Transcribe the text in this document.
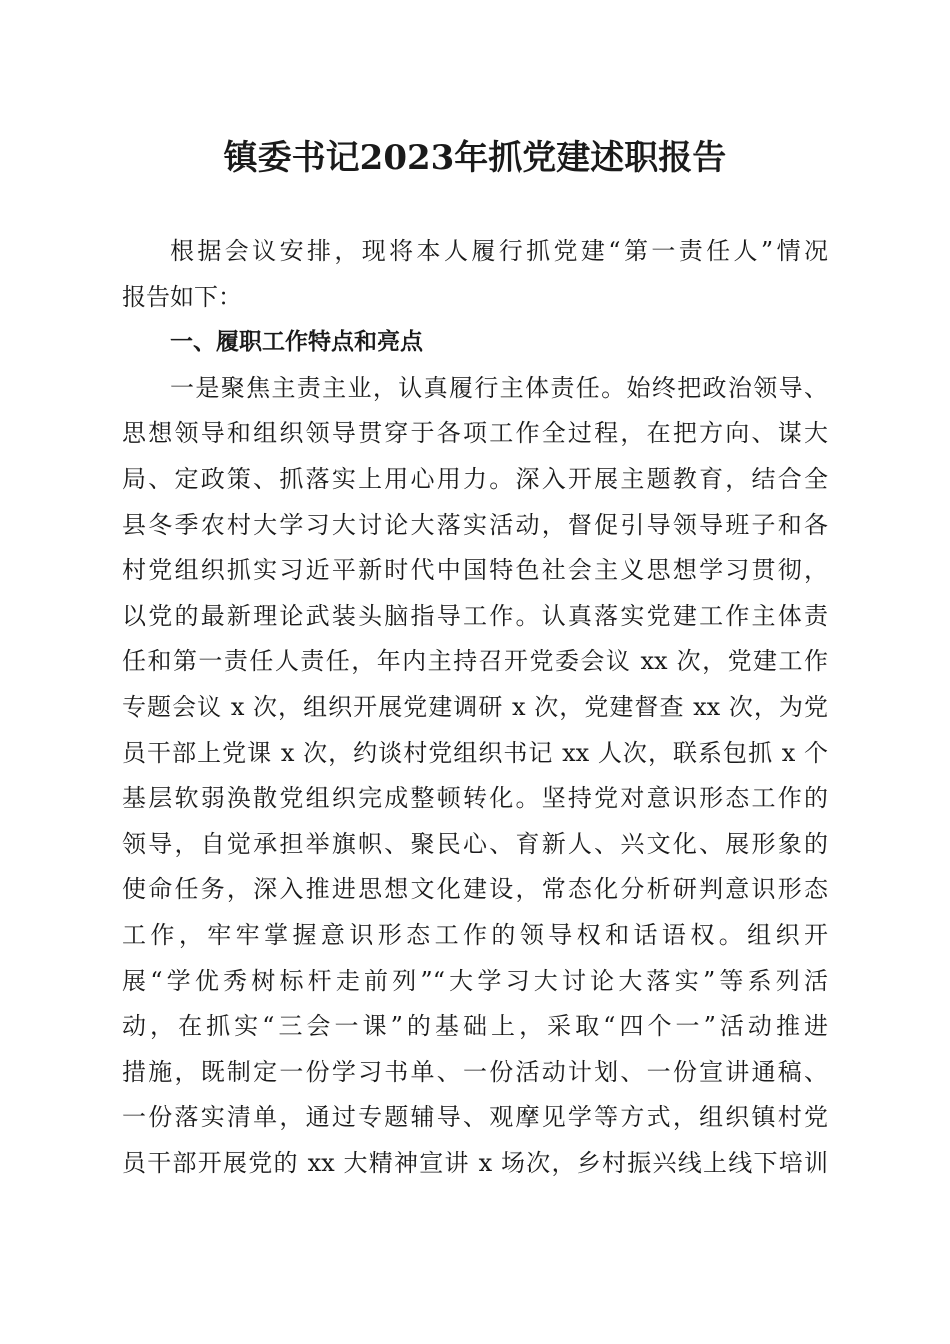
镇委书记2023年抓党建述职报告
根据会议安排，现将本人履行抓党建“第一责任人”情况
报告如下：
一、履职工作特点和亮点
一是聚焦主责主业，认真履行主体责任。始终把政治领导、
思想领导和组织领导贯穿于各项工作全过程，在把方向、谋大
局、定政策、抓落实上用心用力。深入开展主题教育，结合全
县冬季农村大学习大讨论大落实活动，督促引导领导班子和各
村党组织抓实习近平新时代中国特色社会主义思想学习贯彻，
以党的最新理论武装头脑指导工作。认真落实党建工作主体责
任和第一责任人责任，年内主持召开党委会议 xx 次，党建工作
专题会议 x 次，组织开展党建调研 x 次，党建督查 xx 次，为党
员干部上党课 x 次，约谈村党组织书记 xx 人次，联系包抓 x 个
基层软弱涣散党组织完成整顿转化。坚持党对意识形态工作的
领导，自觉承担举旗帜、聚民心、育新人、兴文化、展形象的
使命任务，深入推进思想文化建设，常态化分析研判意识形态
工作，牢牢掌握意识形态工作的领导权和话语权。组织开
展“学优秀树标杆走前列”“大学习大讨论大落实”等系列活
动，在抓实“三会一课”的基础上，采取“四个一”活动推进
措施，既制定一份学习书单、一份活动计划、一份宣讲通稿、
一份落实清单，通过专题辅导、观摩见学等方式，组织镇村党
员干部开展党的 xx 大精神宣讲 x 场次，乡村振兴线上线下培训
